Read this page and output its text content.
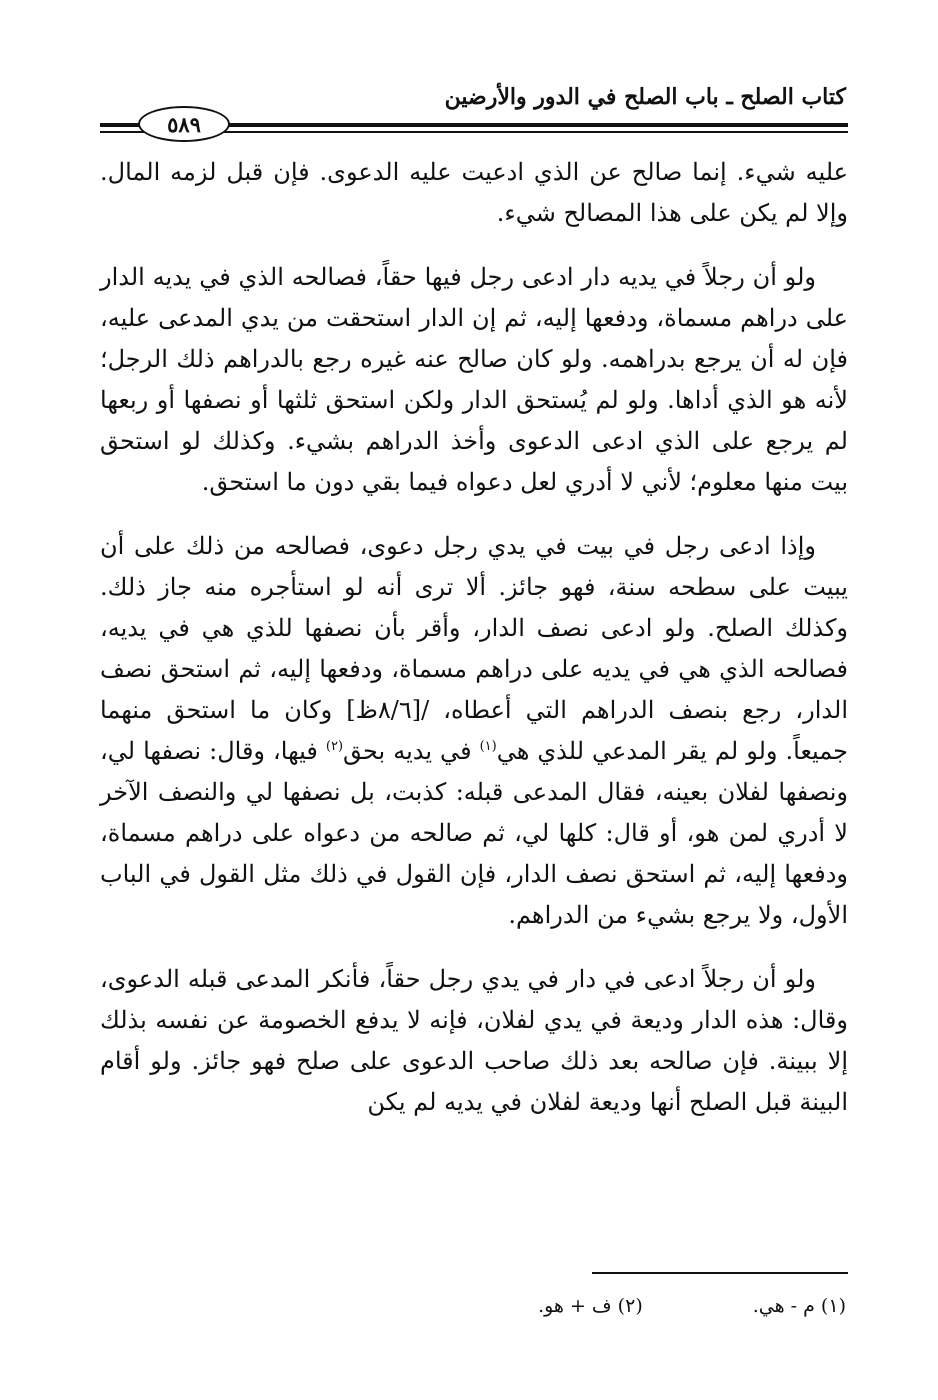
كتاب الصلح ـ باب الصلح في الدور والأرضين
٥٨٩

عليه شيء. إنما صالح عن الذي ادعيت عليه الدعوى. فإن قبل لزمه المال. وإلا لم يكن على هذا المصالح شيء.

ولو أن رجلاً في يديه دار ادعى رجل فيها حقاً، فصالحه الذي في يديه الدار على دراهم مسماة، ودفعها إليه، ثم إن الدار استحقت من يدي المدعى عليه، فإن له أن يرجع بدراهمه. ولو كان صالح عنه غيره رجع بالدراهم ذلك الرجل؛ لأنه هو الذي أداها. ولو لم يُستحق الدار ولكن استحق ثلثها أو نصفها أو ربعها لم يرجع على الذي ادعى الدعوى وأخذ الدراهم بشيء. وكذلك لو استحق بيت منها معلوم؛ لأني لا أدري لعل دعواه فيما بقي دون ما استحق.

وإذا ادعى رجل في بيت في يدي رجل دعوى، فصالحه من ذلك على أن يبيت على سطحه سنة، فهو جائز. ألا ترى أنه لو استأجره منه جاز ذلك. وكذلك الصلح. ولو ادعى نصف الدار، وأقر بأن نصفها للذي هي في يديه، فصالحه الذي هي في يديه على دراهم مسماة، ودفعها إليه، ثم استحق نصف الدار، رجع بنصف الدراهم التي أعطاه، /[٨/٦ظ] وكان ما استحق منهما جميعاً. ولو لم يقر المدعي للذي هي$^{(١)}$ في يديه بحق$^{(٢)}$ فيها، وقال: نصفها لي، ونصفها لفلان بعينه، فقال المدعى قبله: كذبت، بل نصفها لي والنصف الآخر لا أدري لمن هو، أو قال: كلها لي، ثم صالحه من دعواه على دراهم مسماة، ودفعها إليه، ثم استحق نصف الدار، فإن القول في ذلك مثل القول في الباب الأول، ولا يرجع بشيء من الدراهم.

ولو أن رجلاً ادعى في دار في يدي رجل حقاً، فأنكر المدعى قبله الدعوى، وقال: هذه الدار وديعة في يدي لفلان، فإنه لا يدفع الخصومة عن نفسه بذلك إلا ببينة. فإن صالحه بعد ذلك صاحب الدعوى على صلح فهو جائز. ولو أقام البينة قبل الصلح أنها وديعة لفلان في يديه لم يكن

(١) م - هي.
(٢) ف + هو.
